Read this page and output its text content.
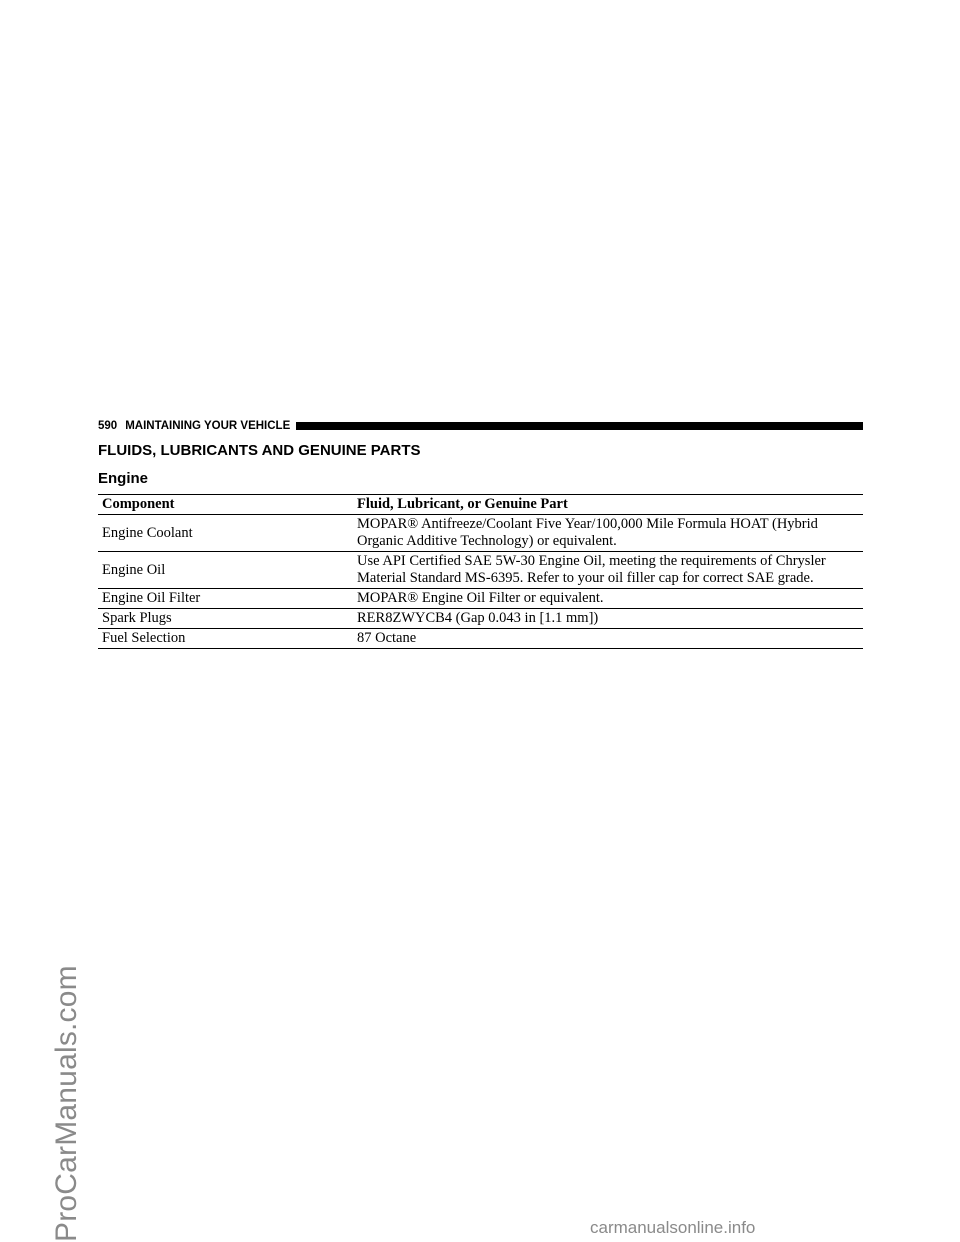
ProCarManuals.com
590 MAINTAINING YOUR VEHICLE
FLUIDS, LUBRICANTS AND GENUINE PARTS
Engine
Component	Fluid, Lubricant, or Genuine Part
Engine Coolant	MOPAR® Antifreeze/Coolant Five Year/100,000 Mile Formula HOAT (Hybrid Organic Additive Technology) or equivalent.
Engine Oil	Use API Certified SAE 5W-30 Engine Oil, meeting the requirements of Chrysler Material Standard MS-6395. Refer to your oil filler cap for correct SAE grade.
Engine Oil Filter	MOPAR® Engine Oil Filter or equivalent.
Spark Plugs	RER8ZWYCB4 (Gap 0.043 in [1.1 mm])
Fuel Selection	87 Octane
carmanualsonline.info
